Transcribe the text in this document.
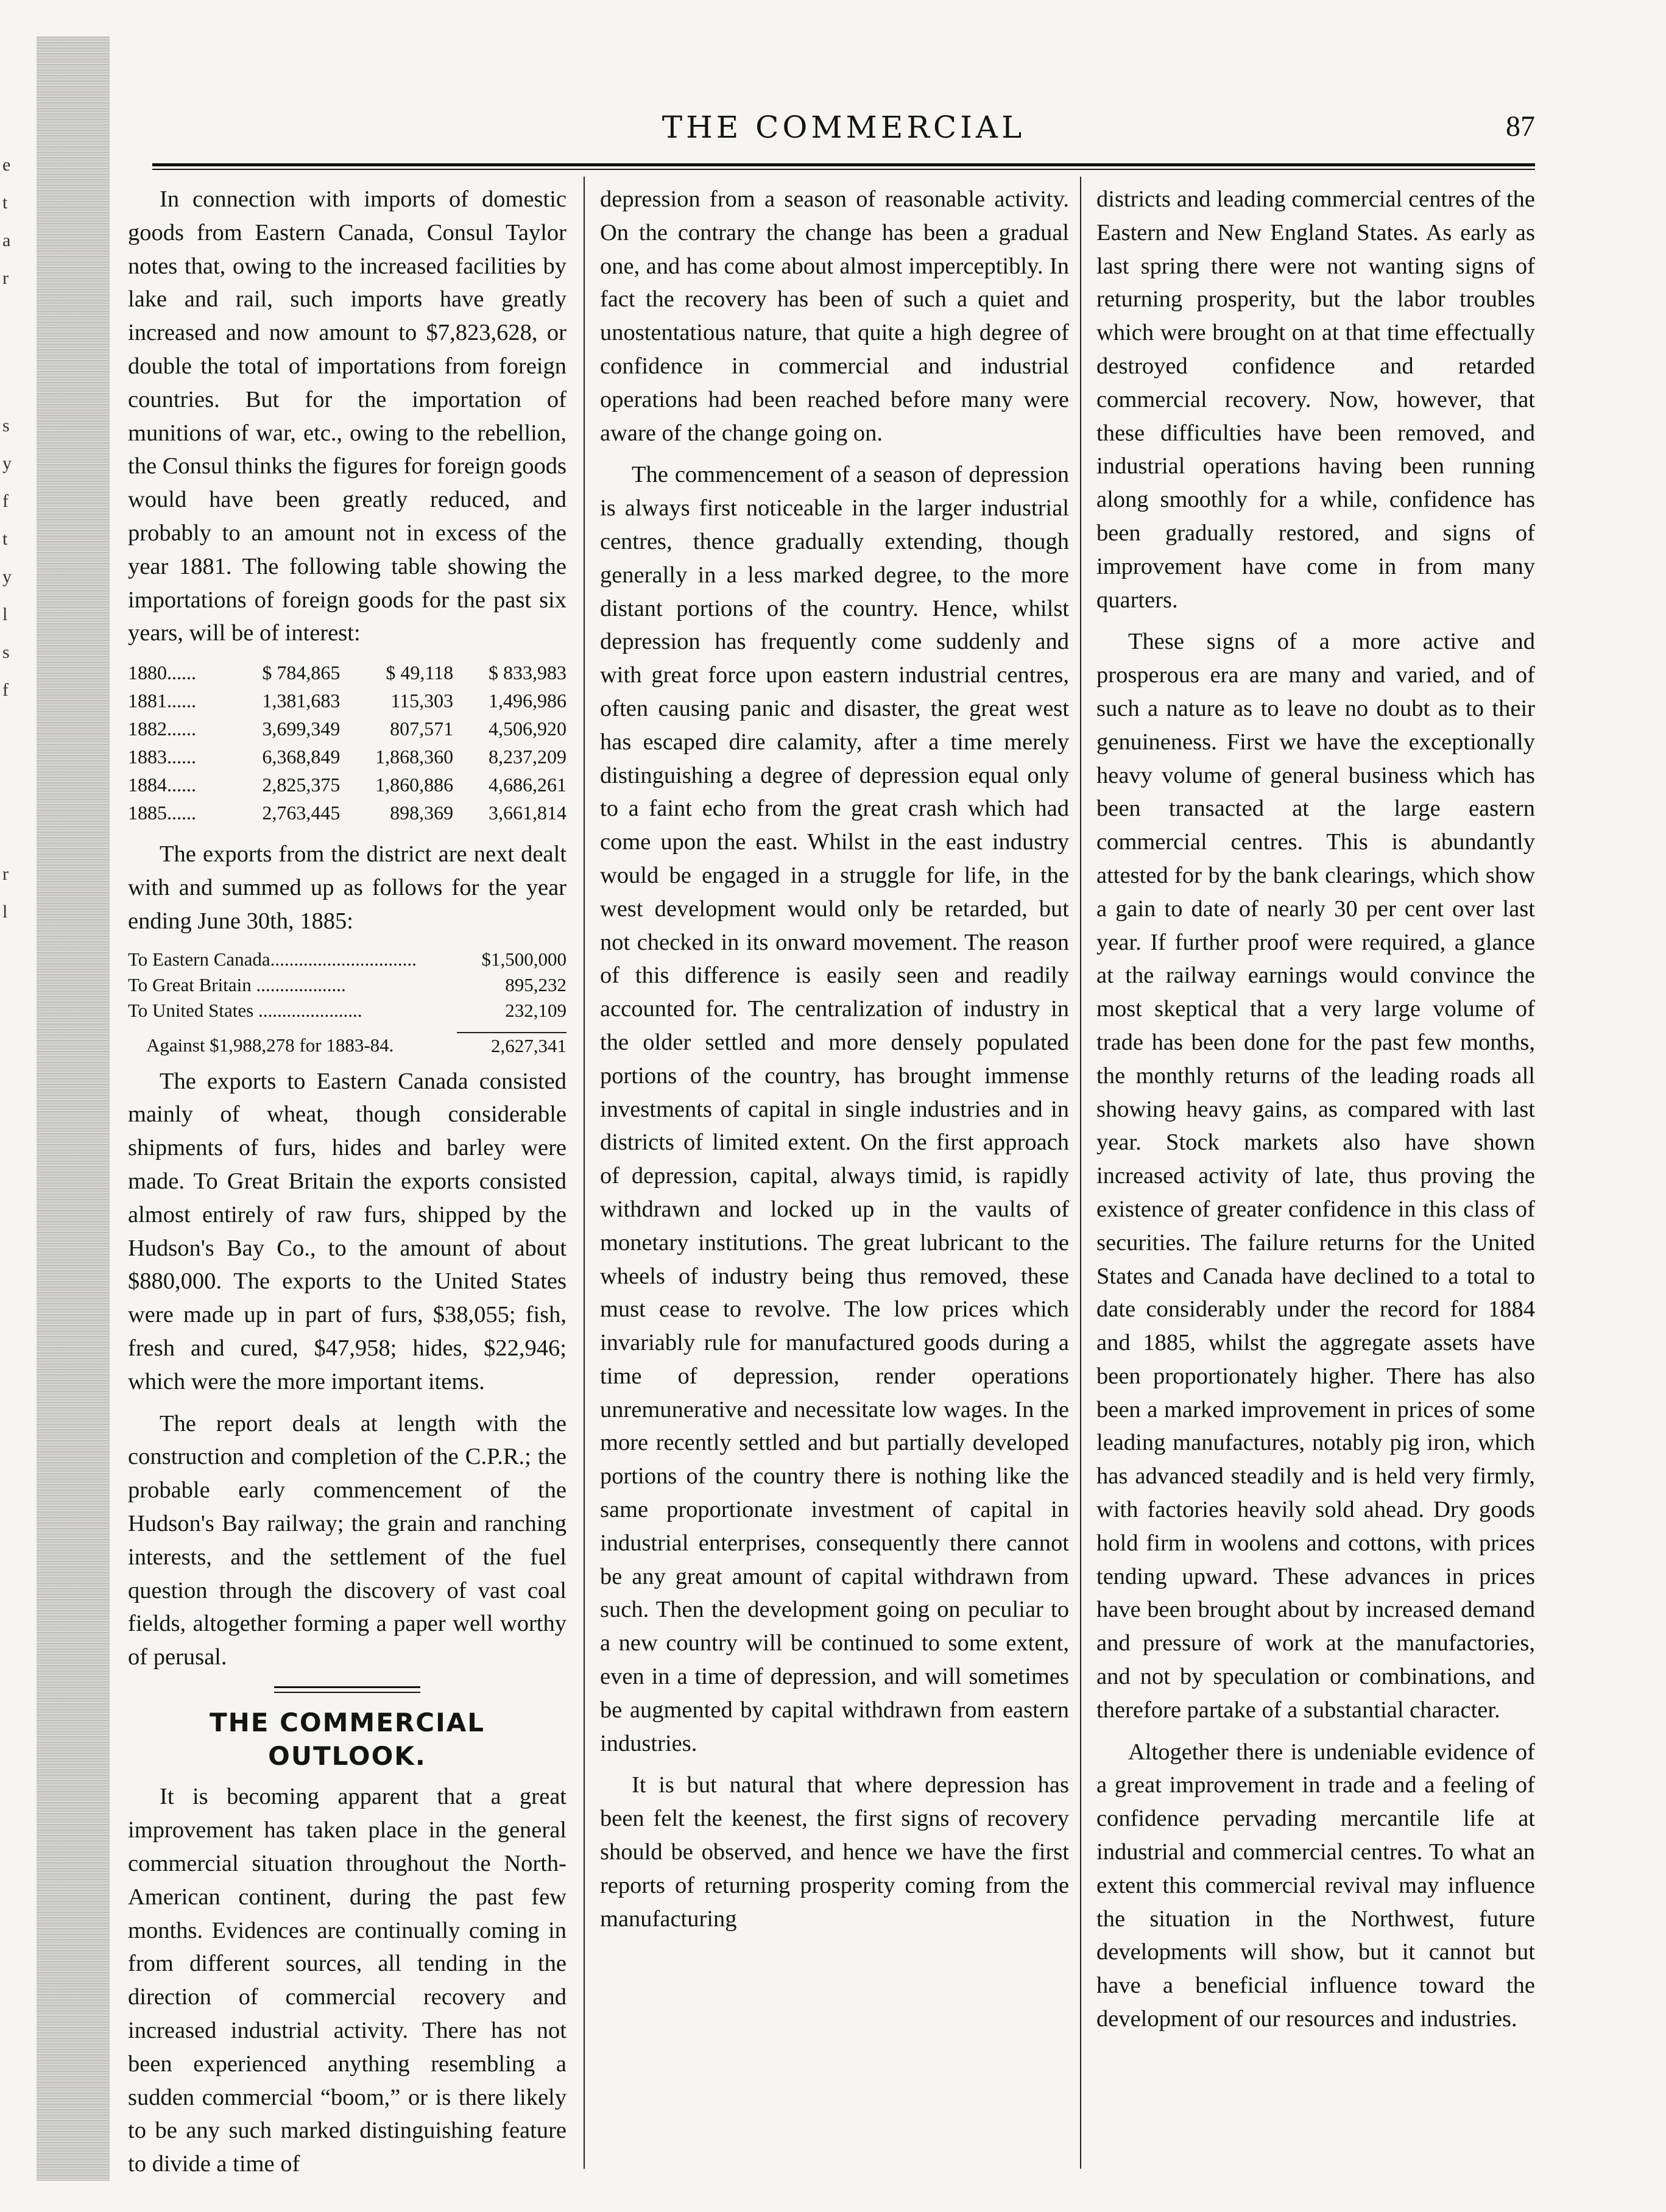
e
t
a
r
s
y
f
t
y
l
s
f
r
l
THE COMMERCIAL	87

In connection with imports of domestic goods from Eastern Canada, Consul Taylor notes that, owing to the increased facilities by lake and rail, such imports have greatly increased and now amount to $7,823,628, or double the total of importations from foreign countries. But for the importation of munitions of war, etc., owing to the rebellion, the Consul thinks the figures for foreign goods would have been greatly reduced, and probably to an amount not in excess of the year 1881. The following table showing the importations of foreign goods for the past six years, will be of interest:

1880......	$ 784,865	$ 49,118	$ 833,983
1881......	1,381,683	115,303	1,496,986
1882......	3,699,349	807,571	4,506,920
1883......	6,368,849	1,868,360	8,237,209
1884......	2,825,375	1,860,886	4,686,261
1885......	2,763,445	898,369	3,661,814

The exports from the district are next dealt with and summed up as follows for the year ending June 30th, 1885:

To Eastern Canada...............................	$1,500,000
To Great Britain ...................	895,232
To United States ......................	232,109
Against $1,988,278 for 1883-84.	2,627,341

The exports to Eastern Canada consisted mainly of wheat, though considerable shipments of furs, hides and barley were made. To Great Britain the exports consisted almost entirely of raw furs, shipped by the Hudson's Bay Co., to the amount of about $880,000. The exports to the United States were made up in part of furs, $38,055; fish, fresh and cured, $47,958; hides, $22,946; which were the more important items.

The report deals at length with the construction and completion of the C.P.R.; the probable early commencement of the Hudson's Bay railway; the grain and ranching interests, and the settlement of the fuel question through the discovery of vast coal fields, altogether forming a paper well worthy of perusal.

THE COMMERCIAL OUTLOOK.

It is becoming apparent that a great improvement has taken place in the general commercial situation throughout the North-American continent, during the past few months. Evidences are continually coming in from different sources, all tending in the direction of commercial recovery and increased industrial activity. There has not been experienced anything resembling a sudden commercial “boom,” or is there likely to be any such marked distinguishing feature to divide a time of

depression from a season of reasonable activity. On the contrary the change has been a gradual one, and has come about almost imperceptibly. In fact the recovery has been of such a quiet and unostentatious nature, that quite a high degree of confidence in commercial and industrial operations had been reached before many were aware of the change going on.

The commencement of a season of depression is always first noticeable in the larger industrial centres, thence gradually extending, though generally in a less marked degree, to the more distant portions of the country. Hence, whilst depression has frequently come suddenly and with great force upon eastern industrial centres, often causing panic and disaster, the great west has escaped dire calamity, after a time merely distinguishing a degree of depression equal only to a faint echo from the great crash which had come upon the east. Whilst in the east industry would be engaged in a struggle for life, in the west development would only be retarded, but not checked in its onward movement. The reason of this difference is easily seen and readily accounted for. The centralization of industry in the older settled and more densely populated portions of the country, has brought immense investments of capital in single industries and in districts of limited extent. On the first approach of depression, capital, always timid, is rapidly withdrawn and locked up in the vaults of monetary institutions. The great lubricant to the wheels of industry being thus removed, these must cease to revolve. The low prices which invariably rule for manufactured goods during a time of depression, render operations unremunerative and necessitate low wages. In the more recently settled and but partially developed portions of the country there is nothing like the same proportionate investment of capital in industrial enterprises, consequently there cannot be any great amount of capital withdrawn from such. Then the development going on peculiar to a new country will be continued to some extent, even in a time of depression, and will sometimes be augmented by capital withdrawn from eastern industries.

It is but natural that where depression has been felt the keenest, the first signs of recovery should be observed, and hence we have the first reports of returning prosperity coming from the manufacturing

districts and leading commercial centres of the Eastern and New England States. As early as last spring there were not wanting signs of returning prosperity, but the labor troubles which were brought on at that time effectually destroyed confidence and retarded commercial recovery. Now, however, that these difficulties have been removed, and industrial operations having been running along smoothly for a while, confidence has been gradually restored, and signs of improvement have come in from many quarters.

These signs of a more active and prosperous era are many and varied, and of such a nature as to leave no doubt as to their genuineness. First we have the exceptionally heavy volume of general business which has been transacted at the large eastern commercial centres. This is abundantly attested for by the bank clearings, which show a gain to date of nearly 30 per cent over last year. If further proof were required, a glance at the railway earnings would convince the most skeptical that a very large volume of trade has been done for the past few months, the monthly returns of the leading roads all showing heavy gains, as compared with last year. Stock markets also have shown increased activity of late, thus proving the existence of greater confidence in this class of securities. The failure returns for the United States and Canada have declined to a total to date considerably under the record for 1884 and 1885, whilst the aggregate assets have been proportionately higher. There has also been a marked improvement in prices of some leading manufactures, notably pig iron, which has advanced steadily and is held very firmly, with factories heavily sold ahead. Dry goods hold firm in woolens and cottons, with prices tending upward. These advances in prices have been brought about by increased demand and pressure of work at the manufactories, and not by speculation or combinations, and therefore partake of a substantial character.

Altogether there is undeniable evidence of a great improvement in trade and a feeling of confidence pervading mercantile life at industrial and commercial centres. To what an extent this commercial revival may influence the situation in the Northwest, future developments will show, but it cannot but have a beneficial influence toward the development of our resources and industries.
